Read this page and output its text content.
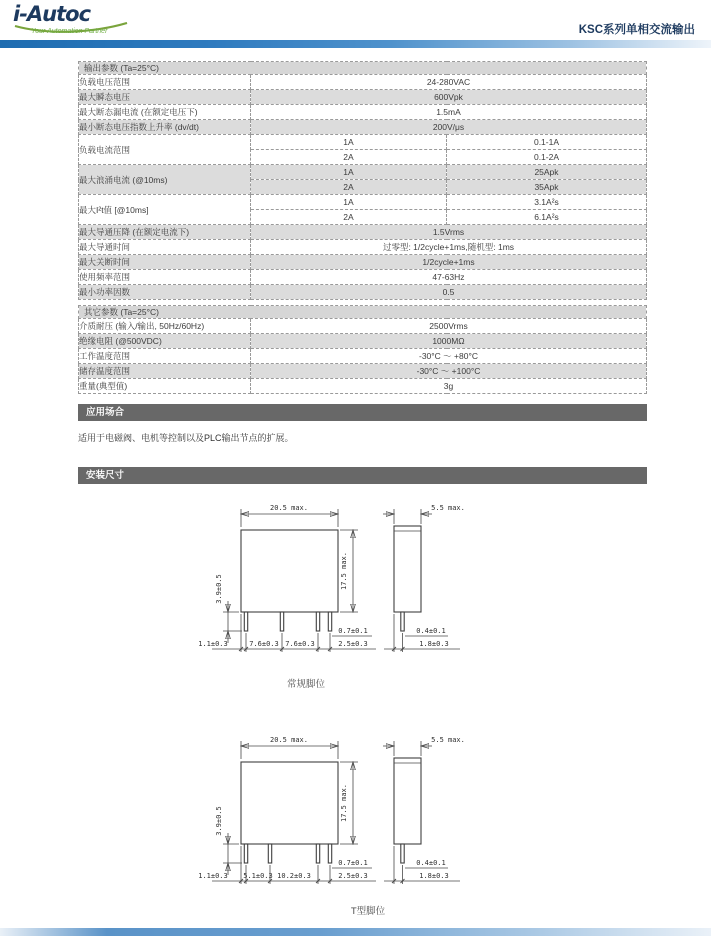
i-Autoc
Your Automation Partner	KSC系列单相交流输出
输出参数 (Ta=25°C)		
负载电压范围	24-280VAC	
最大瞬态电压	600Vpk	
最大断态漏电流 (在额定电压下)	1.5mA	
最小断态电压指数上升率 (dv/dt)	200V/μs	
负载电流范围	1A	0.1-1A
	2A	0.1-2A
最大浪涌电流 (@10ms)	1A	25Apk
	2A	35Apk
最大I²t值 [@10ms]	1A	3.1A²s
	2A	6.1A²s
最大导通压降 (在额定电流下)	1.5Vrms	
最大导通时间	过零型: 1/2cycle+1ms,随机型: 1ms	
最大关断时间	1/2cycle+1ms	
使用频率范围	47-63Hz	
最小功率因数	0.5	
其它参数 (Ta=25°C)	
介质耐压 (输入/输出, 50Hz/60Hz)	2500Vrms
绝缘电阻 (@500VDC)	1000MΩ
工作温度范围	-30°C ～ +80°C
储存温度范围	-30°C ～ +100°C
重量(典型值)	3g
应用场合
适用于电磁阀、电机等控制以及PLC输出节点的扩展。
安装尺寸
20.5 max.
17.5 max.
3.9±0.5
1.1±0.3	7.6±0.3 7.6±0.3	2.5±0.3
0.7±0.1
5.5 max.
0.4±0.1
1.8±0.3
常规脚位
20.5 max.
17.5 max.
3.9±0.5
1.1±0.3 5.1±0.3 10.2±0.3	2.5±0.3
0.7±0.1
5.5 max.
0.4±0.1
1.8±0.3
T型脚位
